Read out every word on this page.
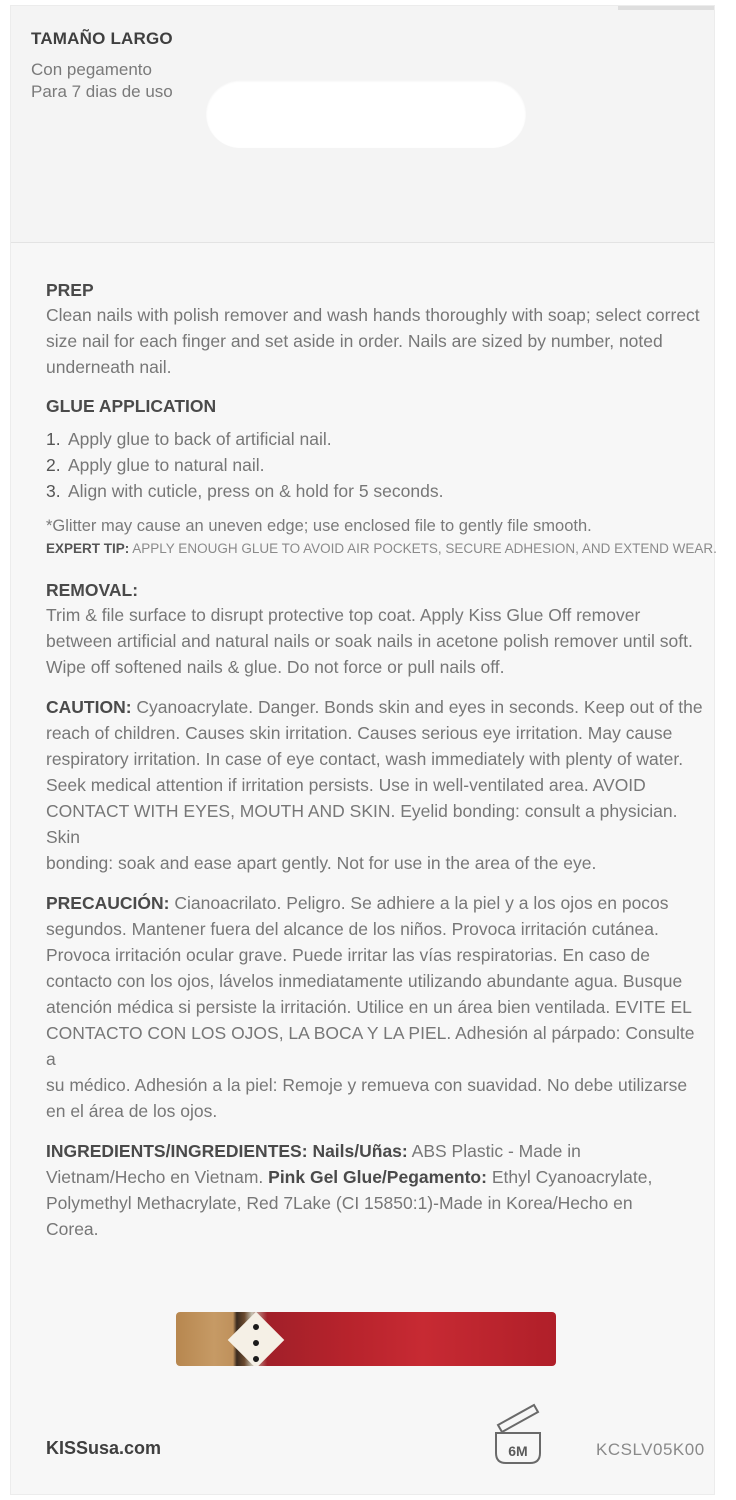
TAMAÑO LARGO
Con pegamento
Para 7 dias de uso
PREP

Clean nails with polish remover and wash hands thoroughly with soap; select correct

size nail for each finger and set aside in order. Nails are sized by number, noted

underneath nail.

GLUE APPLICATION
1. Apply glue to back of artificial nail.
2. Apply glue to natural nail.
3. Align with cuticle, press on & hold for 5 seconds.
*Glitter may cause an uneven edge; use enclosed file to gently file smooth.
EXPERT TIP: APPLY ENOUGH GLUE TO AVOID AIR POCKETS, SECURE ADHESION, AND EXTEND WEAR.
REMOVAL:

Trim & file surface to disrupt protective top coat. Apply Kiss Glue Off remover

between artificial and natural nails or soak nails in acetone polish remover until soft.

Wipe off softened nails & glue. Do not force or pull nails off.

CAUTION: Cyanoacrylate. Danger. Bonds skin and eyes in seconds. Keep out of the

reach of children. Causes skin irritation. Causes serious eye irritation. May cause

respiratory irritation. In case of eye contact, wash immediately with plenty of water.

Seek medical attention if irritation persists. Use in well-ventilated area. AVOID

CONTACT WITH EYES, MOUTH AND SKIN. Eyelid bonding: consult a physician. Skin

bonding: soak and ease apart gently. Not for use in the area of the eye.

PRECAUCIÓN: Cianoacrilato. Peligro. Se adhiere a la piel y a los ojos en pocos

segundos. Mantener fuera del alcance de los niños. Provoca irritación cutánea.

Provoca irritación ocular grave. Puede irritar las vías respiratorias. En caso de

contacto con los ojos, lávelos inmediatamente utilizando abundante agua. Busque

atención médica si persiste la irritación. Utilice en un área bien ventilada. EVITE EL

CONTACTO CON LOS OJOS, LA BOCA Y LA PIEL. Adhesión al párpado: Consulte a

su médico. Adhesión a la piel: Remoje y remueva con suavidad. No debe utilizarse

en el área de los ojos.

INGREDIENTS/INGREDIENTES: Nails/Uñas: ABS Plastic - Made in

Vietnam/Hecho en Vietnam. Pink Gel Glue/Pegamento: Ethyl Cyanoacrylate,

Polymethyl Methacrylate, Red 7Lake (CI 15850:1)-Made in Korea/Hecho en

Corea.

KISSusa.com	6M	KCSLV05K00
